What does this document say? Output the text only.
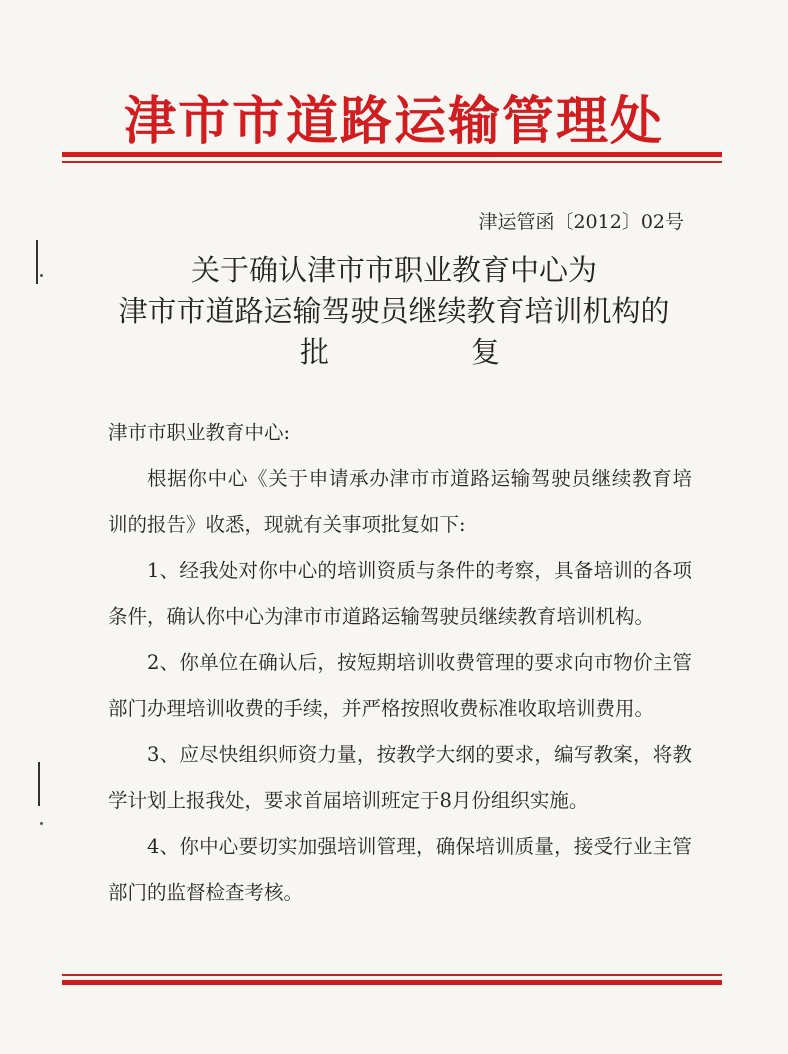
津市市道路运输管理处
津运管函〔2012〕02号
关于确认津市市职业教育中心为
津市市道路运输驾驶员继续教育培训机构的
批	复

津市市职业教育中心:

根据你中心《关于申请承办津市市道路运输驾驶员继续教育培训的报告》收悉，现就有关事项批复如下:

1、经我处对你中心的培训资质与条件的考察，具备培训的各项条件，确认你中心为津市市道路运输驾驶员继续教育培训机构。

2、你单位在确认后，按短期培训收费管理的要求向市物价主管部门办理培训收费的手续，并严格按照收费标准收取培训费用。

3、应尽快组织师资力量，按教学大纲的要求，编写教案，将教学计划上报我处，要求首届培训班定于8月份组织实施。

4、你中心要切实加强培训管理，确保培训质量，接受行业主管部门的监督检查考核。
